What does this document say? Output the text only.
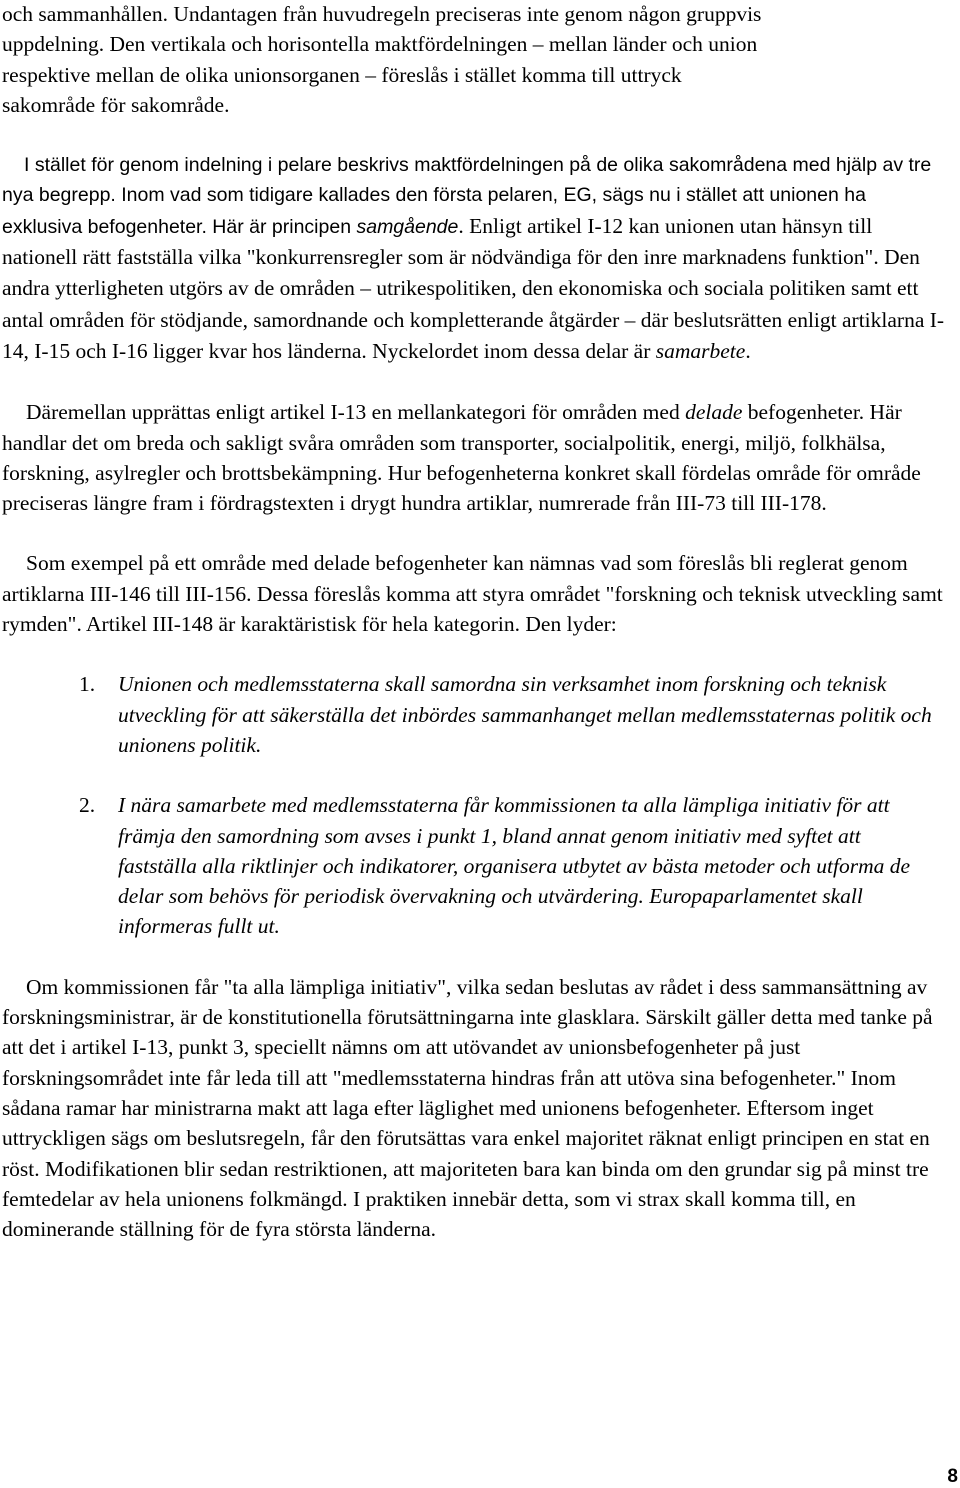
och sammanhållen. Undantagen från huvudregeln preciseras inte genom någon gruppvis
uppdelning. Den vertikala och horisontella maktfördelningen – mellan länder och union
respektive mellan de olika unionsorganen – föreslås i stället komma till uttryck
sakområde för sakområde.

I stället för genom indelning i pelare beskrivs maktfördelningen på de olika sakområdena med hjälp av tre nya begrepp. Inom vad som tidigare kallades den första pelaren, EG, sägs nu i stället att unionen ha exklusiva befogenheter. Här är principen samgående. Enligt artikel I-12 kan unionen utan hänsyn till nationell rätt fastställa vilka "konkurrensregler som är nödvändiga för den inre marknadens funktion". Den andra ytterligheten utgörs av de områden – utrikespolitiken, den ekonomiska och sociala politiken samt ett antal områden för stödjande, samordnande och kompletterande åtgärder – där beslutsrätten enligt artiklarna I-14, I-15 och I-16 ligger kvar hos länderna. Nyckelordet inom dessa delar är samarbete.

Däremellan upprättas enligt artikel I-13 en mellankategori för områden med delade befogenheter. Här handlar det om breda och sakligt svåra områden som transporter, socialpolitik, energi, miljö, folkhälsa, forskning, asylregler och brottsbekämpning. Hur befogenheterna konkret skall fördelas område för område preciseras längre fram i fördragstexten i drygt hundra artiklar, numrerade från III-73 till III-178.

Som exempel på ett område med delade befogenheter kan nämnas vad som föreslås bli reglerat genom artiklarna III-146 till III-156. Dessa föreslås komma att styra området "forskning och teknisk utveckling samt rymden". Artikel III-148 är karaktäristisk för hela kategorin. Den lyder:

1. Unionen och medlemsstaterna skall samordna sin verksamhet inom forskning och teknisk utveckling för att säkerställa det inbördes sammanhanget mellan medlemsstaternas politik och unionens politik.
2. I nära samarbete med medlemsstaterna får kommissionen ta alla lämpliga initiativ för att främja den samordning som avses i punkt 1, bland annat genom initiativ med syftet att fastställa alla riktlinjer och indikatorer, organisera utbytet av bästa metoder och utforma de delar som behövs för periodisk övervakning och utvärdering. Europaparlamentet skall informeras fullt ut.

Om kommissionen får "ta alla lämpliga initiativ", vilka sedan beslutas av rådet i dess sammansättning av forskningsministrar, är de konstitutionella förutsättningarna inte glasklara. Särskilt gäller detta med tanke på att det i artikel I-13, punkt 3, speciellt nämns om att utövandet av unionsbefogenheter på just forskningsområdet inte får leda till att "medlemsstaterna hindras från att utöva sina befogenheter." Inom sådana ramar har ministrarna makt att laga efter läglighet med unionens befogenheter. Eftersom inget uttryckligen sägs om beslutsregeln, får den förutsättas vara enkel majoritet räknat enligt principen en stat en röst. Modifikationen blir sedan restriktionen, att majoriteten bara kan binda om den grundar sig på minst tre femtedelar av hela unionens folkmängd. I praktiken innebär detta, som vi strax skall komma till, en dominerande ställning för de fyra största länderna.

8
